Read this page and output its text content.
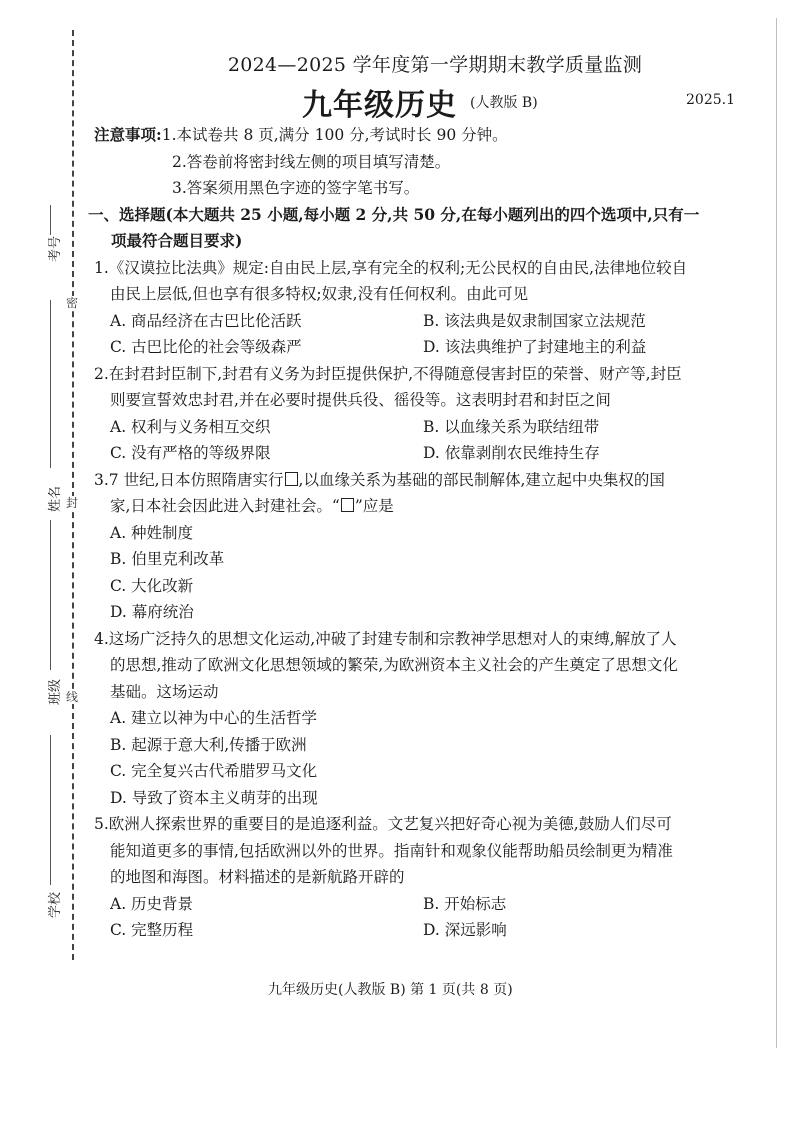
密
封
线
考号
姓名
班级
学校
2024—2025 学年度第一学期期末教学质量监测
九年级历史 (人教版 B)	2025.1
注意事项:1.本试卷共 8 页,满分 100 分,考试时长 90 分钟。
2.答卷前将密封线左侧的项目填写清楚。
3.答案须用黑色字迹的签字笔书写。
一、选择题(本大题共 25 小题,每小题 2 分,共 50 分,在每小题列出的四个选项中,只有一
项最符合题目要求)
1.《汉谟拉比法典》规定:自由民上层,享有完全的权利;无公民权的自由民,法律地位较自
由民上层低,但也享有很多特权;奴隶,没有任何权利。由此可见
A. 商品经济在古巴比伦活跃	B. 该法典是奴隶制国家立法规范
C. 古巴比伦的社会等级森严	D. 该法典维护了封建地主的利益
2.在封君封臣制下,封君有义务为封臣提供保护,不得随意侵害封臣的荣誉、财产等,封臣
则要宣誓效忠封君,并在必要时提供兵役、徭役等。这表明封君和封臣之间
A. 权利与义务相互交织	B. 以血缘关系为联结纽带
C. 没有严格的等级界限	D. 依靠剥削农民维持生存
3.7 世纪,日本仿照隋唐实行 ,以血缘关系为基础的部民制解体,建立起中央集权的国
家,日本社会因此进入封建社会。“ ”应是
A. 种姓制度
B. 伯里克利改革
C. 大化改新
D. 幕府统治
4.这场广泛持久的思想文化运动,冲破了封建专制和宗教神学思想对人的束缚,解放了人
的思想,推动了欧洲文化思想领域的繁荣,为欧洲资本主义社会的产生奠定了思想文化
基础。这场运动
A. 建立以神为中心的生活哲学
B. 起源于意大利,传播于欧洲
C. 完全复兴古代希腊罗马文化
D. 导致了资本主义萌芽的出现
5.欧洲人探索世界的重要目的是追逐利益。文艺复兴把好奇心视为美德,鼓励人们尽可
能知道更多的事情,包括欧洲以外的世界。指南针和观象仪能帮助船员绘制更为精准
的地图和海图。材料描述的是新航路开辟的
A. 历史背景	B. 开始标志
C. 完整历程	D. 深远影响
九年级历史(人教版 B) 第 1 页(共 8 页)
